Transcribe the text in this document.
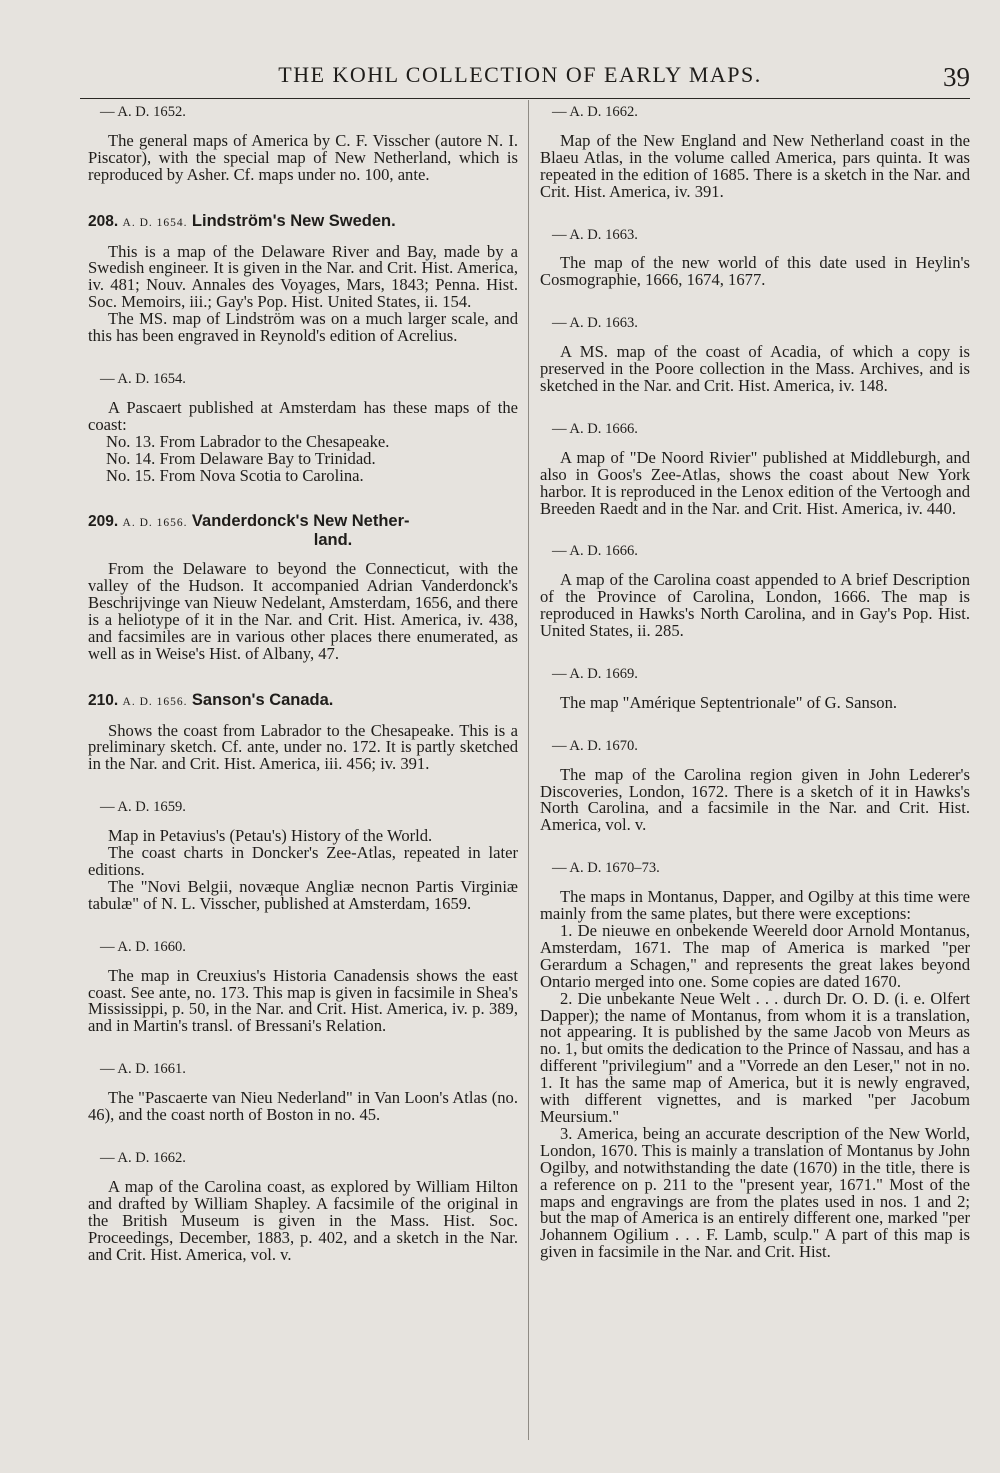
THE KOHL COLLECTION OF EARLY MAPS.	39
— A. D. 1652.

The general maps of America by C. F. Visscher (autore N. I. Piscator), with the special map of New Netherland, which is reproduced by Asher. Cf. maps under no. 100, ante.

208. A. D. 1654. Lindström's New Sweden.

This is a map of the Delaware River and Bay, made by a Swedish engineer. It is given in the Nar. and Crit. Hist. America, iv. 481; Nouv. Annales des Voyages, Mars, 1843; Penna. Hist. Soc. Memoirs, iii.; Gay's Pop. Hist. United States, ii. 154.

The MS. map of Lindström was on a much larger scale, and this has been engraved in Reynold's edition of Acrelius.

— A. D. 1654.

A Pascaert published at Amsterdam has these maps of the coast:

No. 13. From Labrador to the Chesapeake.
No. 14. From Delaware Bay to Trinidad.
No. 15. From Nova Scotia to Carolina.
209. A. D. 1656. Vanderdonck's New Nether-
land.

From the Delaware to beyond the Connecticut, with the valley of the Hudson. It accompanied Adrian Vanderdonck's Beschrijvinge van Nieuw Nedelant, Amsterdam, 1656, and there is a heliotype of it in the Nar. and Crit. Hist. America, iv. 438, and facsimiles are in various other places there enumerated, as well as in Weise's Hist. of Albany, 47.

210. A. D. 1656. Sanson's Canada.

Shows the coast from Labrador to the Chesapeake. This is a preliminary sketch. Cf. ante, under no. 172. It is partly sketched in the Nar. and Crit. Hist. America, iii. 456; iv. 391.

— A. D. 1659.

Map in Petavius's (Petau's) History of the World.

The coast charts in Doncker's Zee-Atlas, repeated in later editions.

The "Novi Belgii, novæque Angliæ necnon Partis Virginiæ tabulæ" of N. L. Visscher, published at Amsterdam, 1659.

— A. D. 1660.

The map in Creuxius's Historia Canadensis shows the east coast. See ante, no. 173. This map is given in facsimile in Shea's Mississippi, p. 50, in the Nar. and Crit. Hist. America, iv. p. 389, and in Martin's transl. of Bressani's Relation.

— A. D. 1661.

The "Pascaerte van Nieu Nederland" in Van Loon's Atlas (no. 46), and the coast north of Boston in no. 45.

— A. D. 1662.

A map of the Carolina coast, as explored by William Hilton and drafted by William Shapley. A facsimile of the original in the British Museum is given in the Mass. Hist. Soc. Proceedings, December, 1883, p. 402, and a sketch in the Nar. and Crit. Hist. America, vol. v.

— A. D. 1662.

Map of the New England and New Netherland coast in the Blaeu Atlas, in the volume called America, pars quinta. It was repeated in the edition of 1685. There is a sketch in the Nar. and Crit. Hist. America, iv. 391.

— A. D. 1663.

The map of the new world of this date used in Heylin's Cosmographie, 1666, 1674, 1677.

— A. D. 1663.

A MS. map of the coast of Acadia, of which a copy is preserved in the Poore collection in the Mass. Archives, and is sketched in the Nar. and Crit. Hist. America, iv. 148.

— A. D. 1666.

A map of "De Noord Rivier" published at Middleburgh, and also in Goos's Zee-Atlas, shows the coast about New York harbor. It is reproduced in the Lenox edition of the Vertoogh and Breeden Raedt and in the Nar. and Crit. Hist. America, iv. 440.

— A. D. 1666.

A map of the Carolina coast appended to A brief Description of the Province of Carolina, London, 1666. The map is reproduced in Hawks's North Carolina, and in Gay's Pop. Hist. United States, ii. 285.

— A. D. 1669.

The map "Amérique Septentrionale" of G. Sanson.

— A. D. 1670.

The map of the Carolina region given in John Lederer's Discoveries, London, 1672. There is a sketch of it in Hawks's North Carolina, and a facsimile in the Nar. and Crit. Hist. America, vol. v.

— A. D. 1670–73.

The maps in Montanus, Dapper, and Ogilby at this time were mainly from the same plates, but there were exceptions:

1. De nieuwe en onbekende Weereld door Arnold Montanus, Amsterdam, 1671. The map of America is marked "per Gerardum a Schagen," and represents the great lakes beyond Ontario merged into one. Some copies are dated 1670.

2. Die unbekante Neue Welt . . . durch Dr. O. D. (i. e. Olfert Dapper); the name of Montanus, from whom it is a translation, not appearing. It is published by the same Jacob von Meurs as no. 1, but omits the dedication to the Prince of Nassau, and has a different "privilegium" and a "Vorrede an den Leser," not in no. 1. It has the same map of America, but it is newly engraved, with different vignettes, and is marked "per Jacobum Meursium."

3. America, being an accurate description of the New World, London, 1670. This is mainly a translation of Montanus by John Ogilby, and notwithstanding the date (1670) in the title, there is a reference on p. 211 to the "present year, 1671." Most of the maps and engravings are from the plates used in nos. 1 and 2; but the map of America is an entirely different one, marked "per Johannem Ogilium . . . F. Lamb, sculp." A part of this map is given in facsimile in the Nar. and Crit. Hist.
